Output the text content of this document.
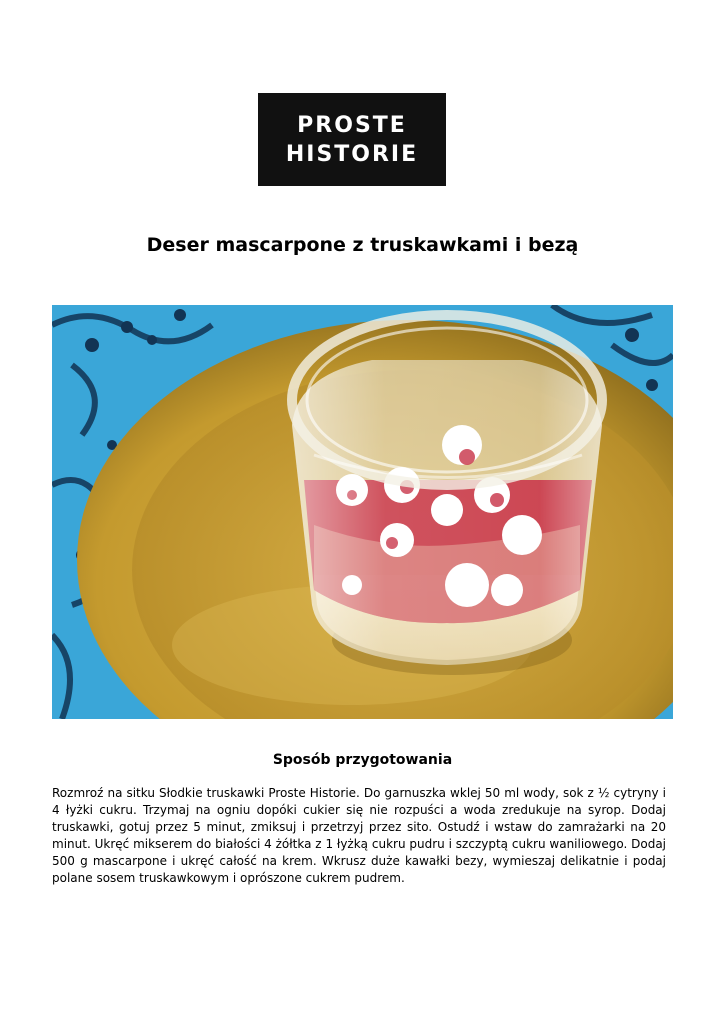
PROSTE
HISTORIE
Deser mascarpone z truskawkami i bezą
Sposób przygotowania

Rozmroź na sitku Słodkie truskawki Proste Historie. Do garnuszka wklej 50 ml wody, sok z ½ cytryny i 4 łyżki cukru. Trzymaj na ogniu dopóki cukier się nie rozpuści a woda zredukuje na syrop. Dodaj truskawki, gotuj przez 5 minut, zmiksuj i przetrzyj przez sito. Ostudź i wstaw do zamrażarki na 20 minut. Ukręć mikserem do białości 4 żółtka z 1 łyżką cukru pudru i szczyptą cukru waniliowego. Dodaj 500 g mascarpone i ukręć całość na krem. Wkrusz duże kawałki bezy, wymieszaj delikatnie i podaj polane sosem truskawkowym i oprószone cukrem pudrem.
